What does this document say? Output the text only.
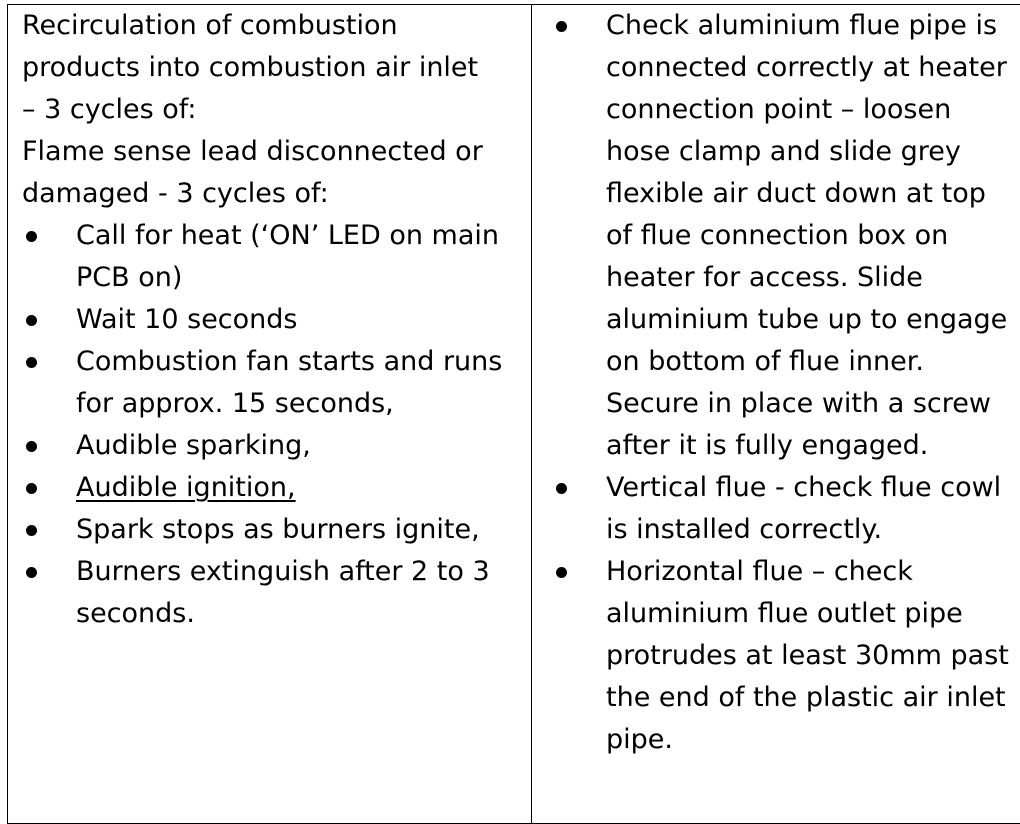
Recirculation of combustion

products into combustion air inlet

– 3 cycles of:

Flame sense lead disconnected or

damaged - 3 cycles of:

Call for heat (‘ON’ LED on main PCB on)
Wait 10 seconds
Combustion fan starts and runs for approx. 15 seconds,
Audible sparking,
Audible ignition,
Spark stops as burners ignite,
Burners extinguish after 2 to 3 seconds.
Check aluminium flue pipe is connected correctly at heater connection point – loosen hose clamp and slide grey flexible air duct down at top of flue connection box on heater for access. Slide aluminium tube up to engage on bottom of flue inner. Secure in place with a screw after it is fully engaged.
Vertical flue - check flue cowl is installed correctly.
Horizontal flue – check aluminium flue outlet pipe protrudes at least 30mm past the end of the plastic air inlet pipe.
